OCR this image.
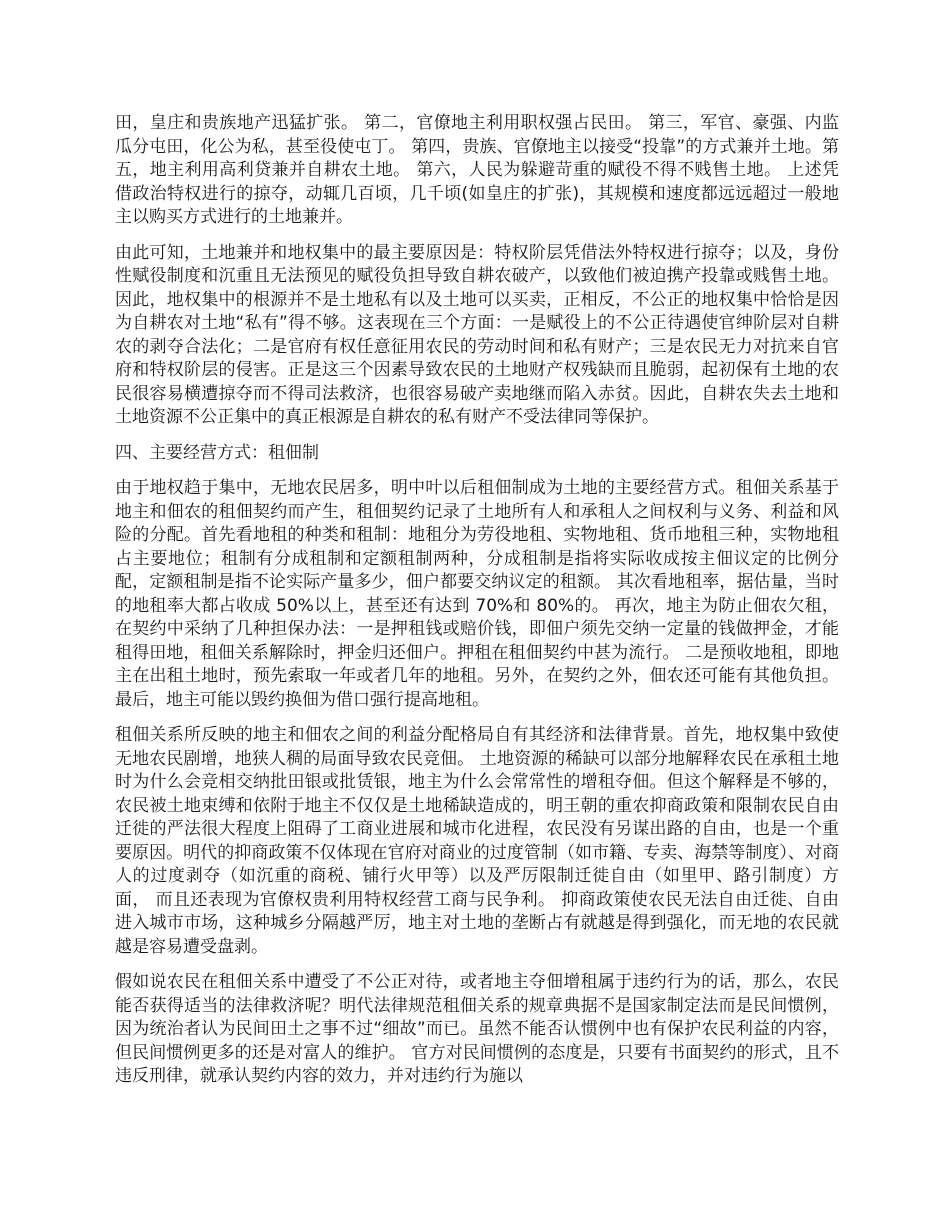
田，皇庄和贵族地产迅猛扩张。 第二，官僚地主利用职权强占民田。 第三，军官、豪强、内监瓜分屯田，化公为私，甚至役使屯丁。 第四，贵族、官僚地主以接受“投靠”的方式兼并土地。第五，地主利用高利贷兼并自耕农土地。 第六，人民为躲避苛重的赋役不得不贱售土地。 上述凭借政治特权进行的掠夺，动辄几百顷，几千顷(如皇庄的扩张)，其规模和速度都远远超过一般地主以购买方式进行的土地兼并。

由此可知，土地兼并和地权集中的最主要原因是：特权阶层凭借法外特权进行掠夺；以及，身份性赋役制度和沉重且无法预见的赋役负担导致自耕农破产，以致他们被迫携产投靠或贱售土地。因此，地权集中的根源并不是土地私有以及土地可以买卖，正相反，不公正的地权集中恰恰是因为自耕农对土地“私有”得不够。这表现在三个方面：一是赋役上的不公正待遇使官绅阶层对自耕农的剥夺合法化；二是官府有权任意征用农民的劳动时间和私有财产；三是农民无力对抗来自官府和特权阶层的侵害。正是这三个因素导致农民的土地财产权残缺而且脆弱，起初保有土地的农民很容易横遭掠夺而不得司法救济，也很容易破产卖地继而陷入赤贫。因此，自耕农失去土地和土地资源不公正集中的真正根源是自耕农的私有财产不受法律同等保护。

四、主要经营方式：租佃制

由于地权趋于集中，无地农民居多，明中叶以后租佃制成为土地的主要经营方式。租佃关系基于地主和佃农的租佃契约而产生，租佃契约记录了土地所有人和承租人之间权利与义务、利益和风险的分配。首先看地租的种类和租制：地租分为劳役地租、实物地租、货币地租三种，实物地租占主要地位；租制有分成租制和定额租制两种，分成租制是指将实际收成按主佃议定的比例分配，定额租制是指不论实际产量多少，佃户都要交纳议定的租额。 其次看地租率，据估量，当时的地租率大都占收成 50%以上，甚至还有达到 70%和 80%的。 再次，地主为防止佃农欠租，在契约中采纳了几种担保办法：一是押租钱或赔价钱，即佃户须先交纳一定量的钱做押金，才能租得田地，租佃关系解除时，押金归还佃户。押租在租佃契约中甚为流行。 二是预收地租，即地主在出租土地时，预先索取一年或者几年的地租。另外，在契约之外，佃农还可能有其他负担。 最后，地主可能以毁约换佃为借口强行提高地租。

租佃关系所反映的地主和佃农之间的利益分配格局自有其经济和法律背景。首先，地权集中致使无地农民剧增，地狭人稠的局面导致农民竞佃。 土地资源的稀缺可以部分地解释农民在承租土地时为什么会竞相交纳批田银或批赁银，地主为什么会常常性的增租夺佃。但这个解释是不够的，农民被土地束缚和依附于地主不仅仅是土地稀缺造成的，明王朝的重农抑商政策和限制农民自由迁徙的严法很大程度上阻碍了工商业进展和城市化进程，农民没有另谋出路的自由，也是一个重要原因。明代的抑商政策不仅体现在官府对商业的过度管制（如市籍、专卖、海禁等制度）、对商人的过度剥夺（如沉重的商税、铺行火甲等）以及严厉限制迁徙自由（如里甲、路引制度）方面， 而且还表现为官僚权贵利用特权经营工商与民争利。 抑商政策使农民无法自由迁徙、自由进入城市市场，这种城乡分隔越严厉，地主对土地的垄断占有就越是得到强化，而无地的农民就越是容易遭受盘剥。

假如说农民在租佃关系中遭受了不公正对待，或者地主夺佃增租属于违约行为的话，那么，农民能否获得适当的法律救济呢？明代法律规范租佃关系的规章典据不是国家制定法而是民间惯例，因为统治者认为民间田土之事不过“细故”而已。虽然不能否认惯例中也有保护农民利益的内容，但民间惯例更多的还是对富人的维护。 官方对民间惯例的态度是，只要有书面契约的形式，且不违反刑律，就承认契约内容的效力，并对违约行为施以
